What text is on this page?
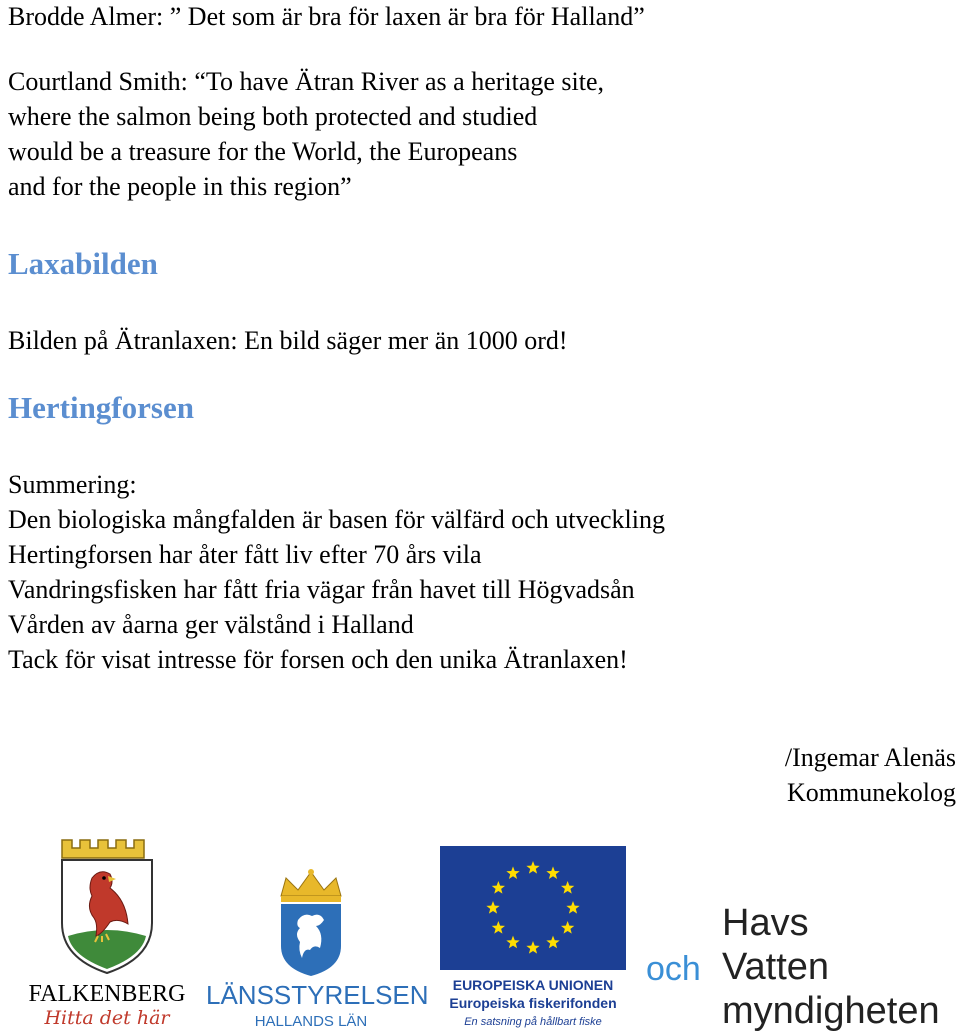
Brodde Almer: ” Det som är bra för laxen är bra för Halland”
Courtland Smith: “To have Ätran River as a heritage site,
where the salmon being both protected and studied
would be a treasure for the World, the Europeans
and for the people in this region”
Laxabilden
Bilden på Ätranlaxen: En bild säger mer än 1000 ord!
Hertingforsen
Summering:
Den biologiska mångfalden är basen för välfärd och utveckling
Hertingforsen har åter fått liv efter 70 års vila
Vandringsfisken har fått fria vägar från havet till Högvadsån
Vården av åarna ger välstånd i Halland
Tack för visat intresse för forsen och den unika Ätranlaxen!
/Ingemar Alenäs
Kommunekolog
FALKENBERG
Hitta det här
LÄNSSTYRELSEN
HALLANDS LÄN
EUROPEISKA UNIONEN
Europeiska fiskerifonden
En satsning på hållbart fiske
Havs
och Vatten
myndigheten
